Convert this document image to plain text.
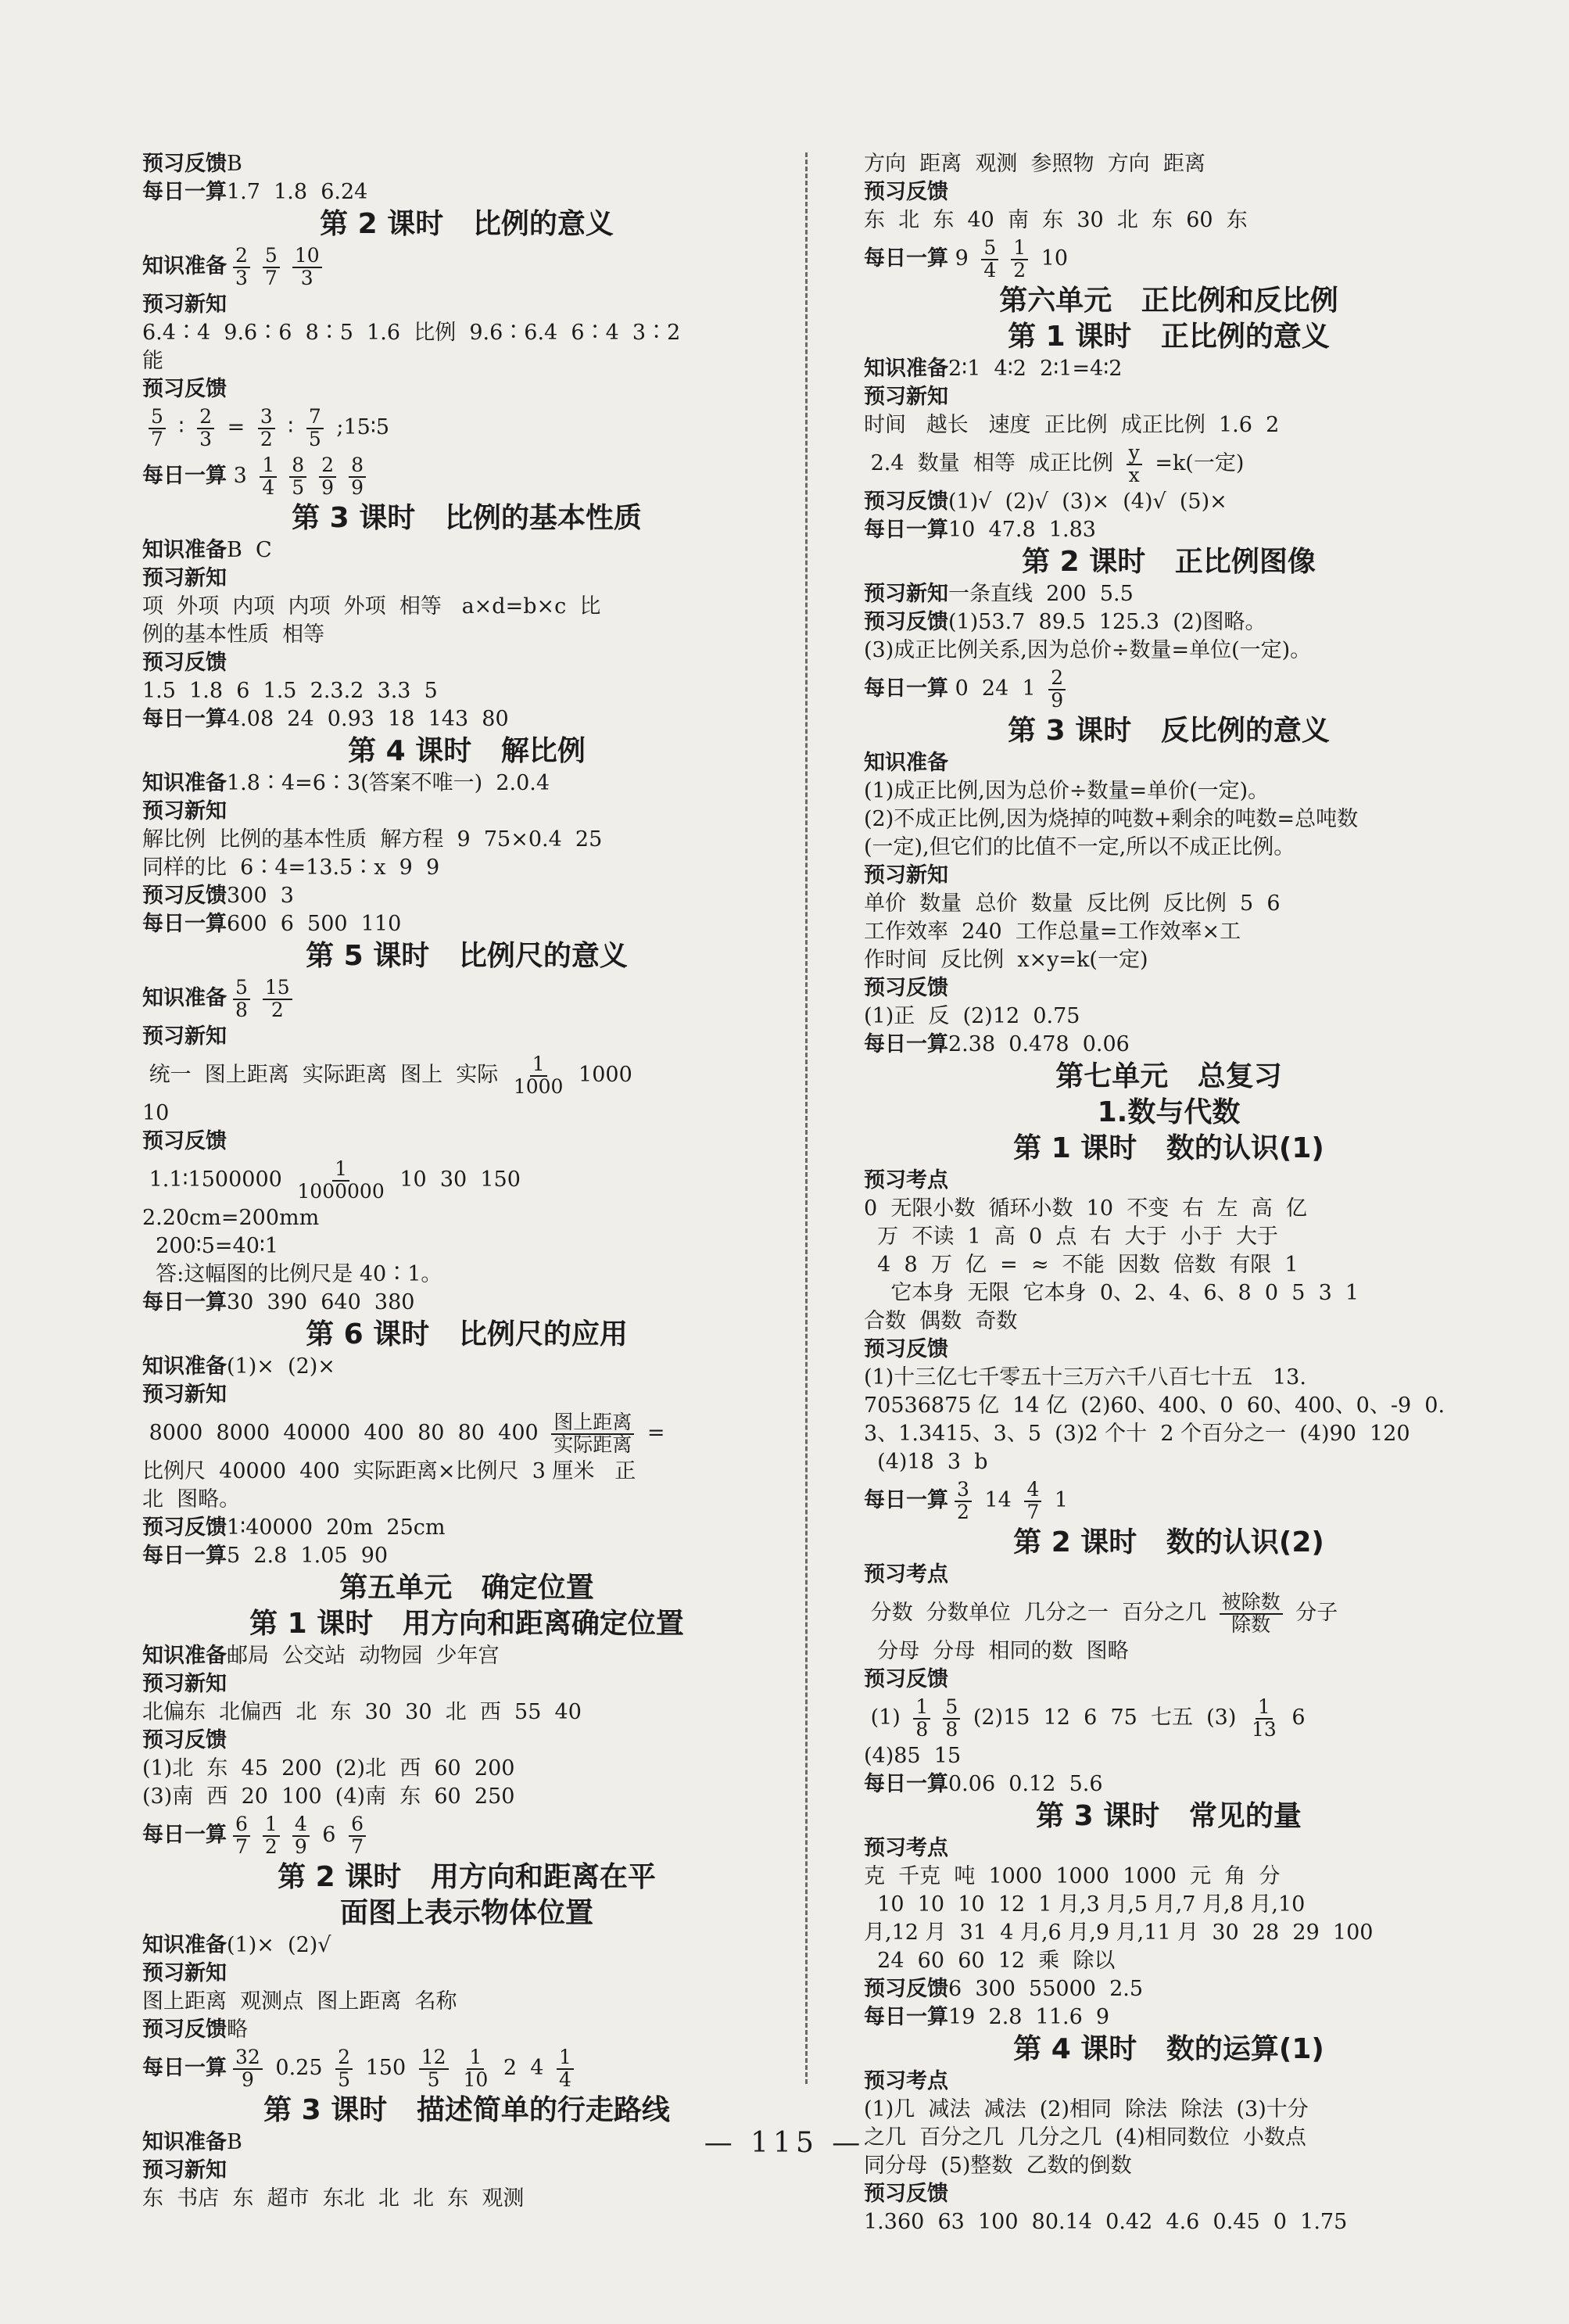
预习反馈B
每日一算1.7  1.8  6.24
第 2 课时   比例的意义
知识准备 $\frac{2}{3} \frac{5}{7} \frac{10}{3}$
预习新知
6.4∶4  9.6∶6  8∶5  1.6  比例  9.6∶6.4  6∶4  3∶2
能
预习反馈
$\frac{5}{7}$ ∶ $\frac{2}{3} = \frac{3}{2}$ ∶ $\frac{7}{5}$ ;15∶5
每日一算 $3 \frac{1}{4} \frac{8}{5} \frac{2}{9} \frac{8}{9}$
第 3 课时   比例的基本性质
知识准备B  C
预习新知
项  外项  内项  内项  外项  相等   a×d=b×c  比
例的基本性质  相等
预习反馈
1.5  1.8  6  1.5  2.3.2  3.3  5
每日一算4.08  24  0.93  18  143  80
第 4 课时   解比例
知识准备1.8∶4=6∶3(答案不唯一)  2.0.4
预习新知
解比例  比例的基本性质  解方程  9  75×0.4  25
同样的比  6∶4=13.5∶x  9  9
预习反馈300  3
每日一算600  6  500  110
第 5 课时   比例尺的意义
知识准备 $\frac{5}{8} \frac{15}{2}$
预习新知
统一  图上距离  实际距离  图上  实际 $\frac{1}{1000} 1000$
10
预习反馈
1.1∶1500000 $\frac{1}{1000000} 10$  30  150
2.20cm=200mm
200∶5=40∶1
答:这幅图的比例尺是 40∶1。
每日一算30  390  640  380
第 6 课时   比例尺的应用
知识准备(1)×  (2)×
预习新知
8000  8000  40000  400  80  80  400 图上距离
实际距离 =
比例尺  40000  400  实际距离×比例尺  3 厘米   正
北  图略。
预习反馈1∶40000  20m  25cm
每日一算5  2.8  1.05  90
第五单元   确定位置
第 1 课时   用方向和距离确定位置
知识准备邮局  公交站  动物园  少年宫
预习新知
北偏东  北偏西  北  东  30  30  北  西  55  40
预习反馈
(1)北  东  45  200  (2)北  西  60  200
(3)南  西  20  100  (4)南  东  60  250
每日一算 $\frac{6}{7} \frac{1}{2} \frac{4}{9} 6 \frac{6}{7}$
第 2 课时   用方向和距离在平
面图上表示物体位置
知识准备(1)×  (2)√
预习新知
图上距离  观测点  图上距离  名称
预习反馈略
每日一算 $\frac{32}{9} 0.25 \frac{2}{5} 150 \frac{12}{5} \frac{1}{10} 2$  $4 \frac{1}{4}$
第 3 课时   描述简单的行走路线
知识准备B
预习新知
东  书店  东  超市  东北  北  北  东  观测
方向  距离  观测  参照物  方向  距离
预习反馈
东  北  东  40  南  东  30  北  东  60  东
每日一算 $9 \frac{5}{4} \frac{1}{2} 10$
第六单元   正比例和反比例
第 1 课时   正比例的意义
知识准备2∶1  4∶2  2∶1=4∶2
预习新知
时间   越长   速度  正比例  成正比例  1.6  2
2.4  数量  相等  成正比例 $\frac{y}{x} =k$(一定)
预习反馈(1)√  (2)√  (3)×  (4)√  (5)×
每日一算10  47.8  1.83
第 2 课时   正比例图像
预习新知一条直线  200  5.5
预习反馈(1)53.7  89.5  125.3  (2)图略。
(3)成正比例关系,因为总价÷数量=单位(一定)。
每日一算 0  24  $1 \frac{2}{9}$
第 3 课时   反比例的意义
知识准备
(1)成正比例,因为总价÷数量=单价(一定)。
(2)不成正比例,因为烧掉的吨数+剩余的吨数=总吨数
(一定),但它们的比值不一定,所以不成正比例。
预习新知
单价  数量  总价  数量  反比例  反比例  5  6
工作效率  240  工作总量=工作效率×工
作时间  反比例  x×y=k(一定)
预习反馈
(1)正  反  (2)12  0.75
每日一算2.38  0.478  0.06
第七单元   总复习
1.数与代数
第 1 课时   数的认识(1)
预习考点
0  无限小数  循环小数  10  不变  右  左  高  亿
万  不读  1  高  0  点  右  大于  小于  大于
4  8  万  亿  =  ≈  不能  因数  倍数  有限  1
它本身  无限  它本身  0、2、4、6、8  0  5  3  1
合数  偶数  奇数
预习反馈
(1)十三亿七千零五十三万六千八百七十五   13.
70536875 亿  14 亿  (2)60、400、0  60、400、0、-9  0.
3、1.3415、3、5  (3)2 个十  2 个百分之一  (4)90  120
(4)18  3  b
每日一算 $\frac{3}{2} 14 \frac{4}{7} 1$
第 2 课时   数的认识(2)
预习考点
分数  分数单位  几分之一  百分之几 被除数
除数 分子
分母  分母  相同的数  图略
预习反馈
$(1) \frac{1}{8} \frac{5}{8} (2)15$  12  6  75  七五  $(3) \frac{1}{13} 6$
(4)85  15
每日一算0.06  0.12  5.6
第 3 课时   常见的量
预习考点
克  千克  吨  1000  1000  1000  元  角  分
10  10  10  12  1 月,3 月,5 月,7 月,8 月,10
月,12 月  31  4 月,6 月,9 月,11 月  30  28  29  100
24  60  60  12  乘  除以
预习反馈6  300  55000  2.5
每日一算19  2.8  11.6  9
第 4 课时   数的运算(1)
预习考点
(1)几  减法  减法  (2)相同  除法  除法  (3)十分
之几  百分之几  几分之几  (4)相同数位  小数点
同分母  (5)整数  乙数的倒数
预习反馈
1.360  63  100  80.14  0.42  4.6  0.45  0  1.75
— 115 —
